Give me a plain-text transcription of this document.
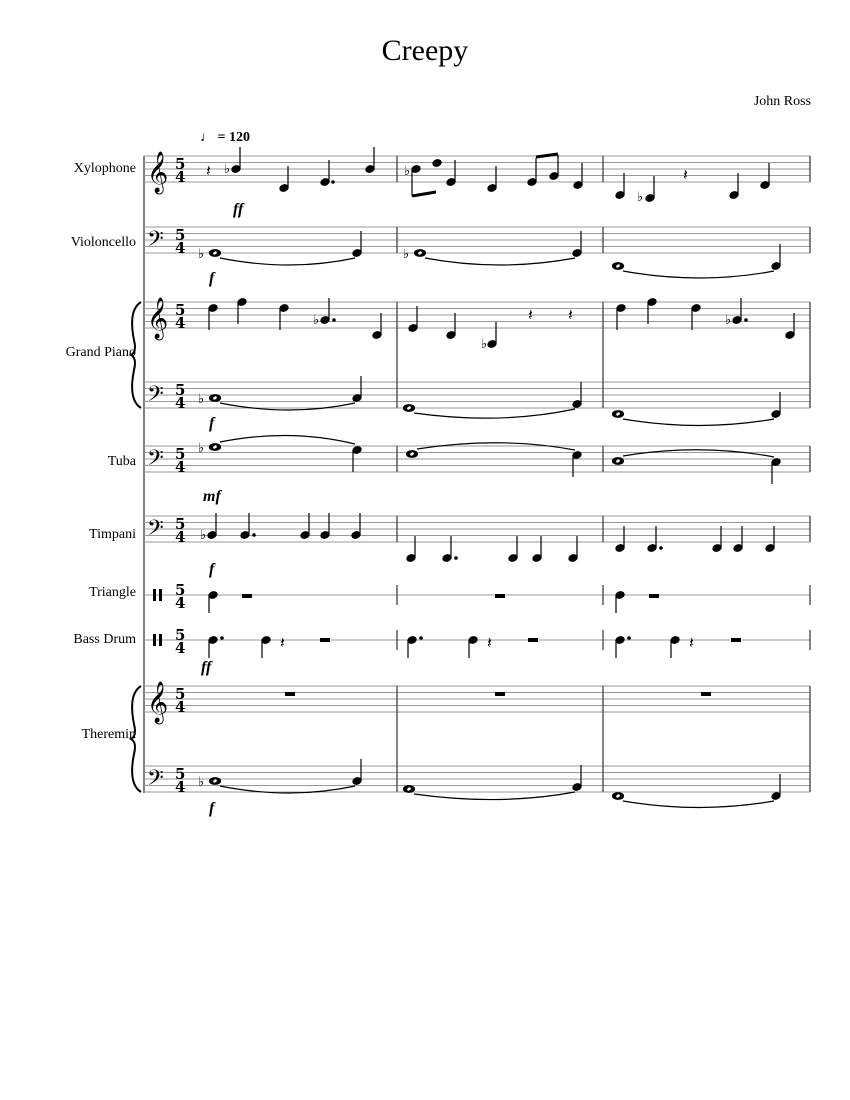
Creepy
John Ross
♩ = 120
Xylophone
Violoncello
Grand Piano
Tuba
Timpani
Triangle
Bass Drum
Theremin
𝄞
𝄢
𝄞
𝄢
𝄢
𝄢
𝄞
𝄢
5
4
5
4
5
4
5
4
5
4
5
4
5
4
5
4
5
4
5
4
𝄽 ♭	♭
♭
𝄽
♭	♭
♭
♭
𝄽 𝄽	♭
♭
♭
♭
𝄽	𝄽	𝄽
♭
ff
f
f
mf
f
ff
f
